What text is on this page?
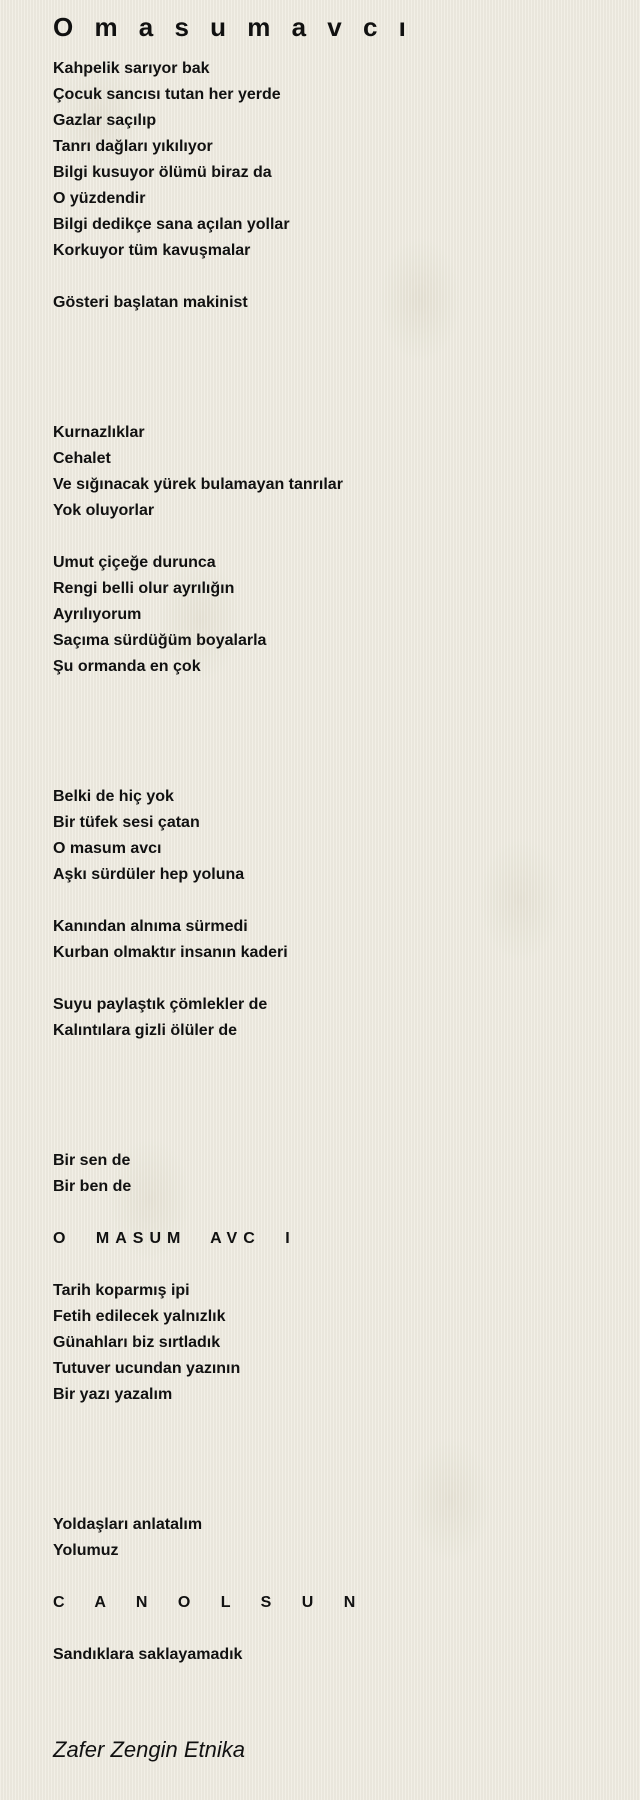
O m a s u m a v c ı
Kahpelik sarıyor bak
Çocuk sancısı tutan her yerde
Gazlar saçılıp
Tanrı dağları yıkılıyor
Bilgi kusuyor ölümü biraz da
O yüzdendir
Bilgi dedikçe sana açılan yollar
Korkuyor tüm kavuşmalar
Gösteri başlatan makinist
Kurnazlıklar
Cehalet
Ve sığınacak yürek bulamayan tanrılar
Yok oluyorlar
Umut çiçeğe durunca
Rengi belli olur ayrılığın
Ayrılıyorum
Saçıma sürdüğüm boyalarla
Şu ormanda en çok
Belki de hiç yok
Bir tüfek sesi çatan
O masum avcı
Aşkı sürdüler hep yoluna
Kanından alnıma sürmedi
Kurban olmaktır insanın kaderi
Suyu paylaştık çömlekler de
Kalıntılara gizli ölüler de
Bir sen de
Bir ben de
O MASUM AVC I
Tarih koparmış ipi
Fetih edilecek yalnızlık
Günahları biz sırtladık
Tutuver ucundan yazının
Bir yazı yazalım
Yoldaşları anlatalım
Yolumuz
C A N O L S U N
Sandıklara saklayamadık
Zafer Zengin Etnika
